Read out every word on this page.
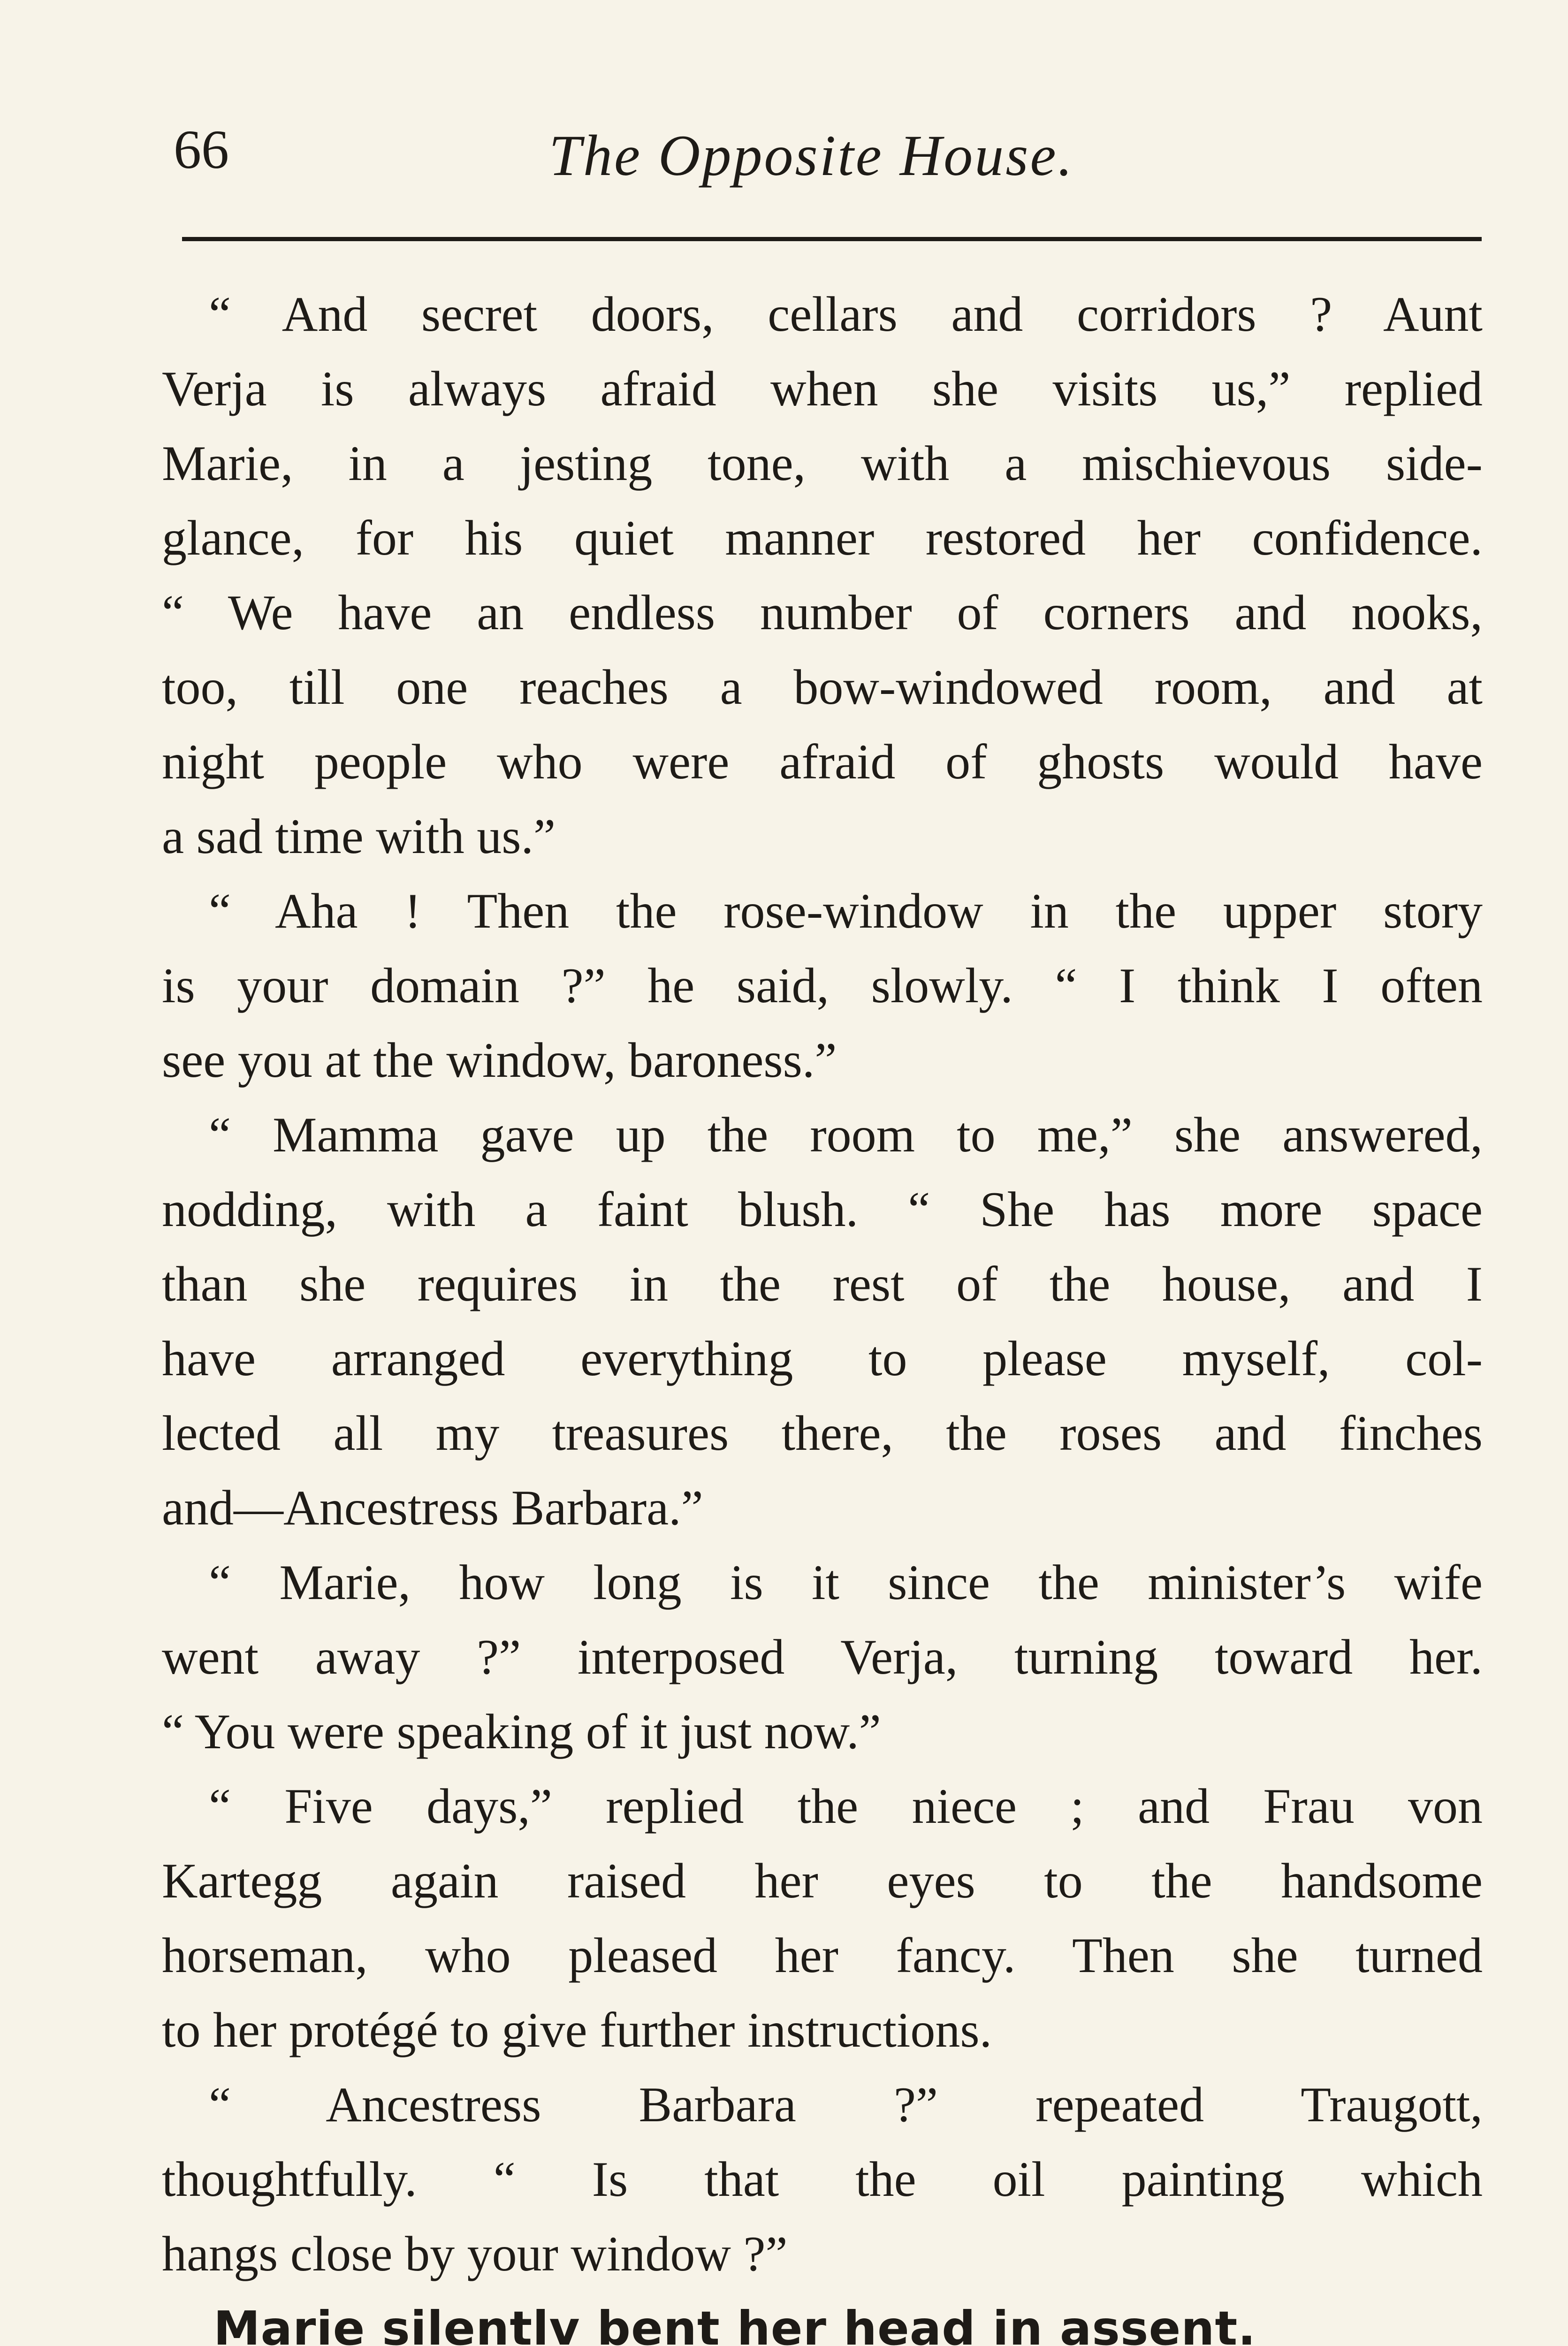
66	The Opposite House.
“ And secret doors, cellars and corridors ? Aunt
Verja is always afraid when she visits us,” replied
Marie, in a jesting tone, with a mischievous side-
glance, for his quiet manner restored her confidence.
“ We have an endless number of corners and nooks,
too, till one reaches a bow-windowed room, and at
night people who were afraid of ghosts would have
a sad time with us.”
“ Aha ! Then the rose-window in the upper story
is your domain ?” he said, slowly. “ I think I often
see you at the window, baroness.”
“ Mamma gave up the room to me,” she answered,
nodding, with a faint blush. “ She has more space
than she requires in the rest of the house, and I
have arranged everything to please myself, col-
lected all my treasures there, the roses and finches
and—Ancestress Barbara.”
“ Marie, how long is it since the minister’s wife
went away ?” interposed Verja, turning toward her.
“ You were speaking of it just now.”
“ Five days,” replied the niece ; and Frau von
Kartegg again raised her eyes to the handsome
horseman, who pleased her fancy. Then she turned
to her protégé to give further instructions.
“ Ancestress Barbara ?” repeated Traugott,
thoughtfully. “ Is that the oil painting which
hangs close by your window ?”
Marie silentlv bent her head in assent.
